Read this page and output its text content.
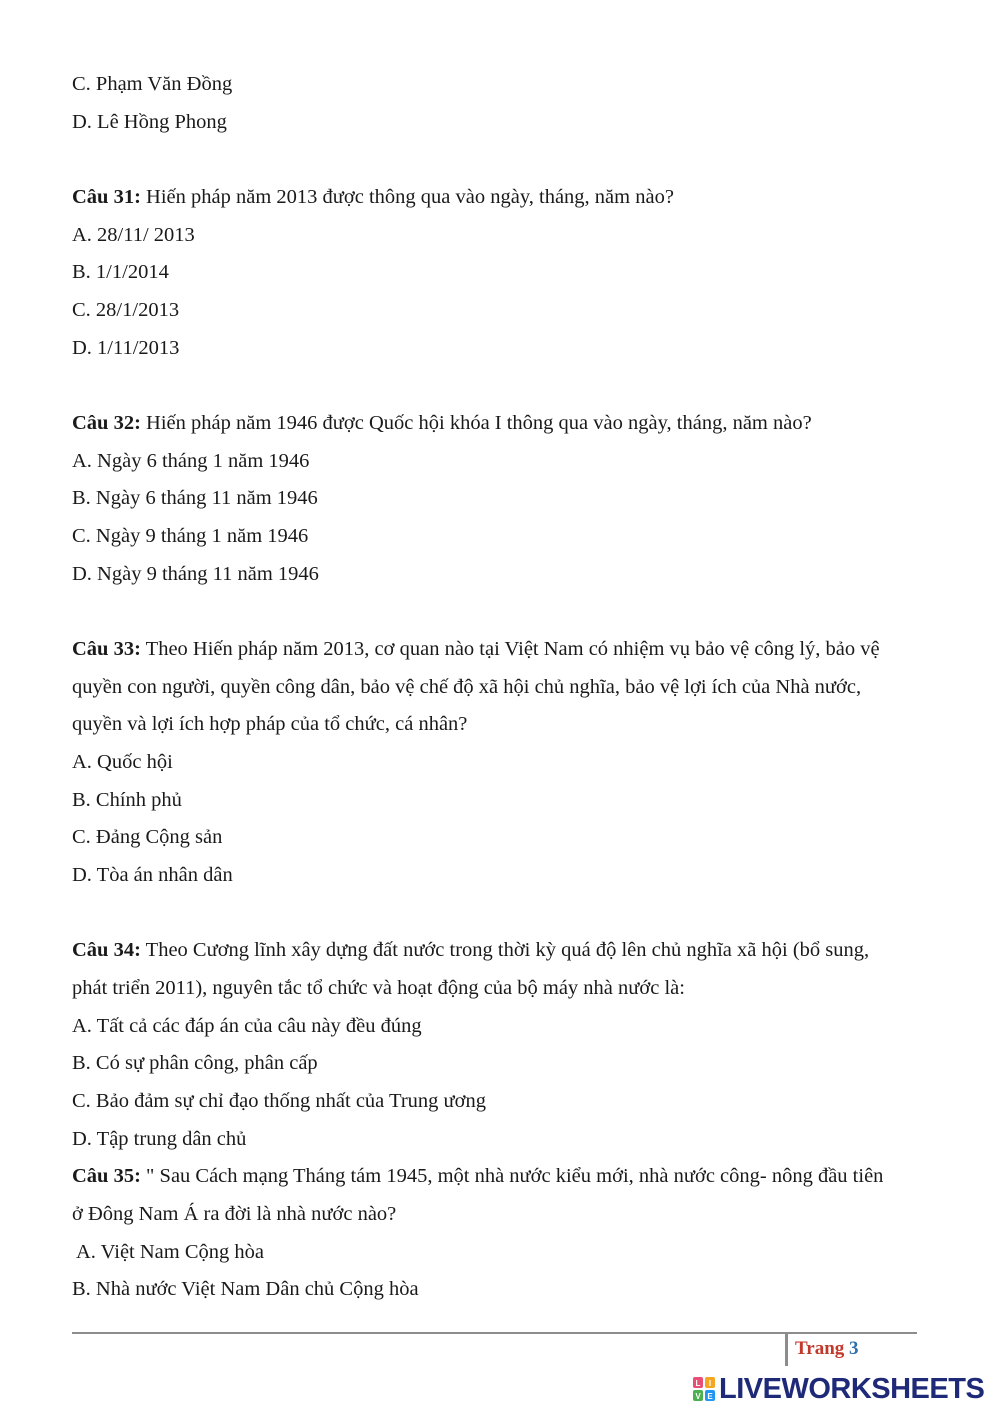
C. Phạm Văn Đồng
D. Lê Hồng Phong
Câu 31: Hiến pháp năm 2013 được thông qua vào ngày, tháng, năm nào?
A. 28/11/ 2013
B. 1/1/2014
C. 28/1/2013
D. 1/11/2013
Câu 32: Hiến pháp năm 1946 được Quốc hội khóa I thông qua vào ngày, tháng, năm nào?
A. Ngày 6 tháng 1 năm 1946
B. Ngày 6 tháng 11 năm 1946
C. Ngày 9 tháng 1 năm 1946
D. Ngày 9 tháng 11 năm 1946
Câu 33: Theo Hiến pháp năm 2013, cơ quan nào tại Việt Nam có nhiệm vụ bảo vệ công lý, bảo vệ
quyền con người, quyền công dân, bảo vệ chế độ xã hội chủ nghĩa, bảo vệ lợi ích của Nhà nước,
quyền và lợi ích hợp pháp của tổ chức, cá nhân?
A. Quốc hội
B. Chính phủ
C. Đảng Cộng sản
D. Tòa án nhân dân
Câu 34: Theo Cương lĩnh xây dựng đất nước trong thời kỳ quá độ lên chủ nghĩa xã hội (bổ sung,
phát triển 2011), nguyên tắc tổ chức và hoạt động của bộ máy nhà nước là:
A. Tất cả các đáp án của câu này đều đúng
B. Có sự phân công, phân cấp
C. Bảo đảm sự chỉ đạo thống nhất của Trung ương
D. Tập trung dân chủ
Câu 35: " Sau Cách mạng Tháng tám 1945, một nhà nước kiểu mới, nhà nước công- nông đầu tiên
ở Đông Nam Á ra đời là nhà nước nào?
A. Việt Nam Cộng hòa
B. Nhà nước Việt Nam Dân chủ Cộng hòa
Trang 3
L I
V E LIVEWORKSHEETS
